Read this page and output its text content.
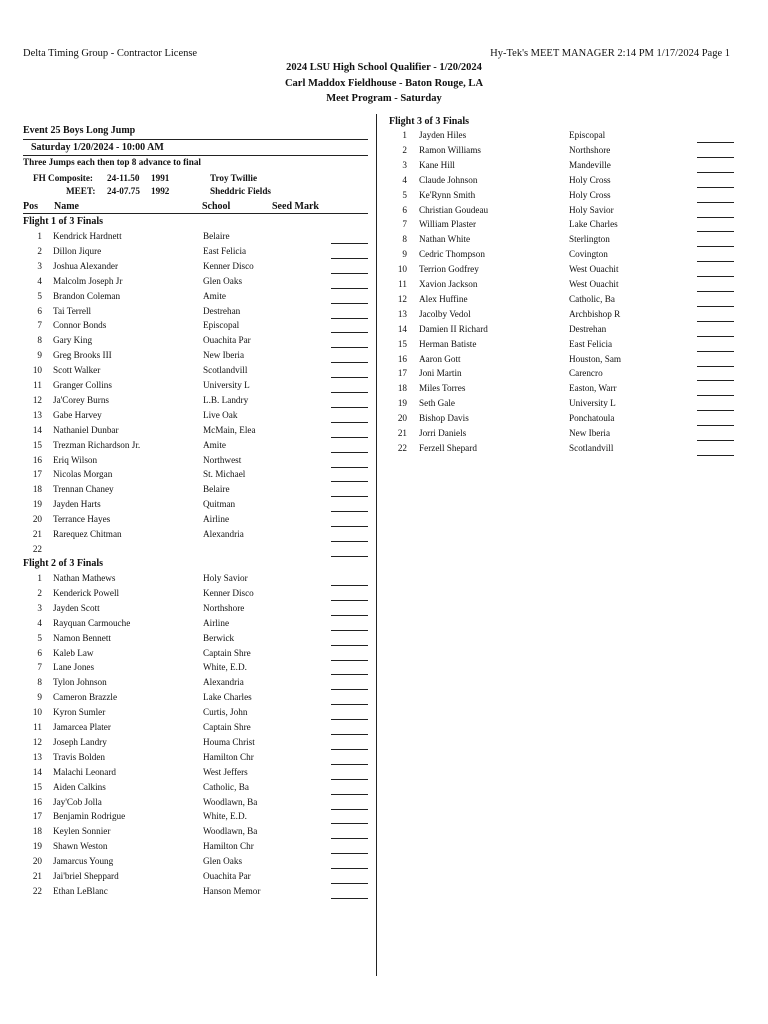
Delta Timing Group - Contractor License	Hy-Tek's MEET MANAGER 2:14 PM 1/17/2024 Page 1
2024 LSU High School Qualifier - 1/20/2024
Carl Maddox Fieldhouse - Baton Rouge, LA
Meet Program - Saturday
Event 25 Boys Long Jump
Saturday 1/20/2024 - 10:00 AM
Three Jumps each then top 8 advance to final
FH Composite: 24-11.50 1991	Troy Twillie
MEET: 24-07.75 1992	Sheddric Fields
Pos Name	School	Seed Mark
Flight 1 of 3 Finals
Flight 2 of 3 Finals
Flight 3 of 3 Finals
1 Kendrick Hardnett	Belaire
2 Dillon Jiqure	East Felicia
3 Joshua Alexander	Kenner Disco
4 Malcolm Joseph Jr	Glen Oaks
5 Brandon Coleman	Amite
6 Tai Terrell	Destrehan
7 Connor Bonds	Episcopal
8 Gary King	Ouachita Par
9 Greg Brooks III	New Iberia
10 Scott Walker	Scotlandvill
11 Granger Collins	University L
12 Ja'Corey Burns	L.B. Landry
13 Gabe Harvey	Live Oak
14 Nathaniel Dunbar	McMain, Elea
15 Trezman Richardson Jr.	Amite
16 Eriq Wilson	Northwest
17 Nicolas Morgan	St. Michael
18 Trennan Chaney	Belaire
19 Jayden Harts	Quitman
20 Terrance Hayes	Airline
21 Rarequez Chitman	Alexandria
22
1 Nathan Mathews	Holy Savior
2 Kenderick Powell	Kenner Disco
3 Jayden Scott	Northshore
4 Rayquan Carmouche	Airline
5 Namon Bennett	Berwick
6 Kaleb Law	Captain Shre
7 Lane Jones	White, E.D.
8 Tylon Johnson	Alexandria
9 Cameron Brazzle	Lake Charles
10 Kyron Sumler	Curtis, John
11 Jamarcea Plater	Captain Shre
12 Joseph Landry	Houma Christ
13 Travis Bolden	Hamilton Chr
14 Malachi Leonard	West Jeffers
15 Aiden Calkins	Catholic, Ba
16 Jay'Cob Jolla	Woodlawn, Ba
17 Benjamin Rodrigue	White, E.D.
18 Keylen Sonnier	Woodlawn, Ba
19 Shawn Weston	Hamilton Chr
20 Jamarcus Young	Glen Oaks
21 Jai'briel Sheppard	Ouachita Par
22 Ethan LeBlanc	Hanson Memor
1 Jayden Hiles	Episcopal
2 Ramon Williams	Northshore
3 Kane Hill	Mandeville
4 Claude Johnson	Holy Cross
5 Ke'Rynn Smith	Holy Cross
6 Christian Goudeau	Holy Savior
7 William Plaster	Lake Charles
8 Nathan White	Sterlington
9 Cedric Thompson	Covington
10 Terrion Godfrey	West Ouachit
11 Xavion Jackson	West Ouachit
12 Alex Huffine	Catholic, Ba
13 Jacolby Vedol	Archbishop R
14 Damien II Richard	Destrehan
15 Herman Batiste	East Felicia
16 Aaron Gott	Houston, Sam
17 Joni Martin	Carencro
18 Miles Torres	Easton, Warr
19 Seth Gale	University L
20 Bishop Davis	Ponchatoula
21 Jorri Daniels	New Iberia
22 Ferzell Shepard	Scotlandvill
